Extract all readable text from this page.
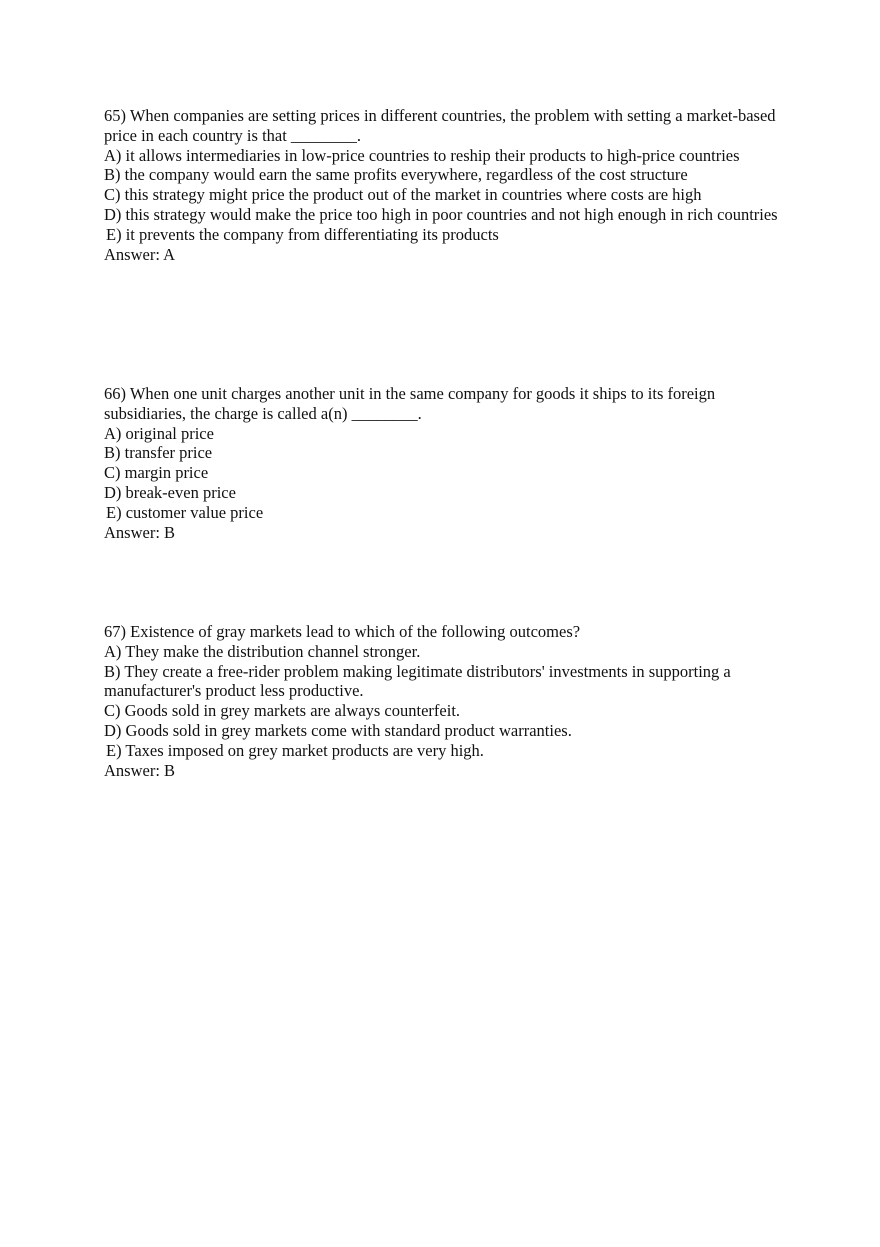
65) When companies are setting prices in different countries, the problem with setting a market-based price in each country is that ________.
A) it allows intermediaries in low-price countries to reship their products to high-price countries
B) the company would earn the same profits everywhere, regardless of the cost structure
C) this strategy might price the product out of the market in countries where costs are high
D) this strategy would make the price too high in poor countries and not high enough in rich countries
E) it prevents the company from differentiating its products
Answer: A
66) When one unit charges another unit in the same company for goods it ships to its foreign subsidiaries, the charge is called a(n) ________.
A) original price
B) transfer price
C) margin price
D) break-even price
E) customer value price
Answer: B
67) Existence of gray markets lead to which of the following outcomes?
A) They make the distribution channel stronger.
B) They create a free-rider problem making legitimate distributors' investments in supporting a manufacturer's product less productive.
C) Goods sold in grey markets are always counterfeit.
D) Goods sold in grey markets come with standard product warranties.
E) Taxes imposed on grey market products are very high.
Answer: B
